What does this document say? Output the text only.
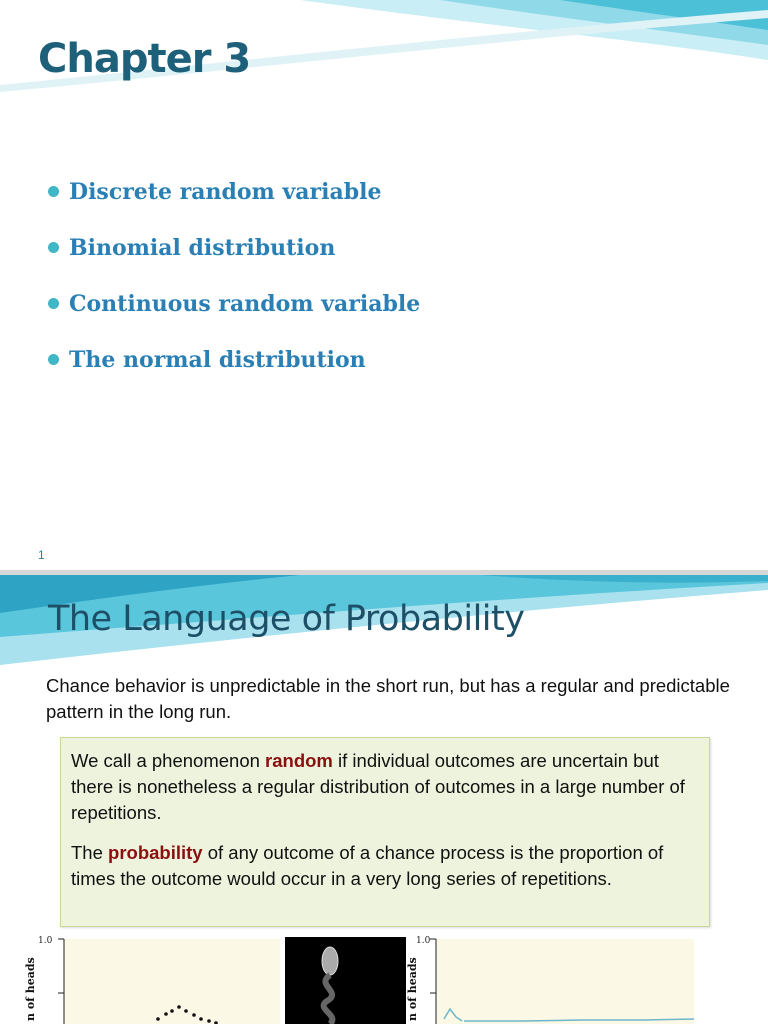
Chapter 3
Discrete random variable
Binomial distribution
Continuous random variable
The normal distribution
1
The Language of Probability

Chance behavior is unpredictable in the short run, but has a regular and predictable pattern in the long run.

We call a phenomenon random if individual outcomes are uncertain but there is nonetheless a regular distribution of outcomes in a large number of repetitions.

The probability of any outcome of a chance process is the proportion of times the outcome would occur in a very long series of repetitions.

1.0
n of heads
1.0
n of heads
